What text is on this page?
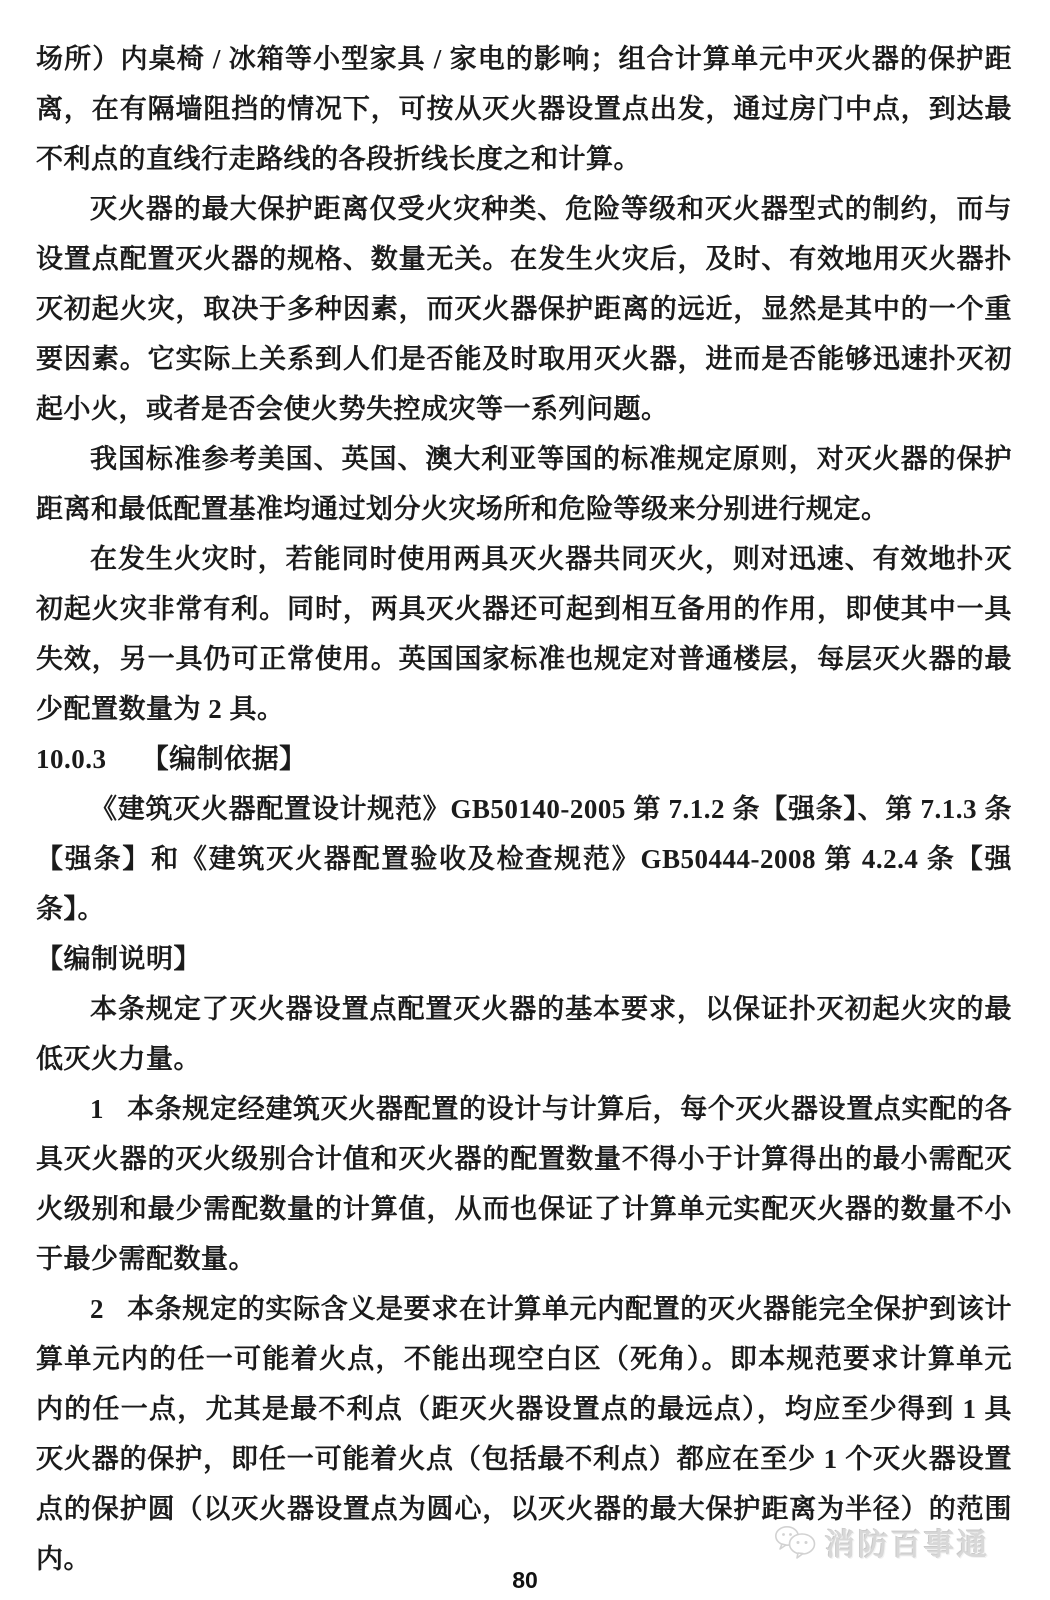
场所）内桌椅 / 冰箱等小型家具 / 家电的影响；组合计算单元中灭火器的保护距离，在有隔墙阻挡的情况下，可按从灭火器设置点出发，通过房门中点，到达最不利点的直线行走路线的各段折线长度之和计算。

灭火器的最大保护距离仅受火灾种类、危险等级和灭火器型式的制约，而与设置点配置灭火器的规格、数量无关。在发生火灾后，及时、有效地用灭火器扑灭初起火灾，取决于多种因素，而灭火器保护距离的远近，显然是其中的一个重要因素。它实际上关系到人们是否能及时取用灭火器，进而是否能够迅速扑灭初起小火，或者是否会使火势失控成灾等一系列问题。

我国标准参考美国、英国、澳大利亚等国的标准规定原则，对灭火器的保护距离和最低配置基准均通过划分火灾场所和危险等级来分别进行规定。

在发生火灾时，若能同时使用两具灭火器共同灭火，则对迅速、有效地扑灭初起火灾非常有利。同时，两具灭火器还可起到相互备用的作用，即使其中一具失效，另一具仍可正常使用。英国国家标准也规定对普通楼层，每层灭火器的最少配置数量为 2 具。

10.0.3 【编制依据】

《建筑灭火器配置设计规范》GB50140-2005 第 7.1.2 条【强条】、第 7.1.3 条【强条】和《建筑灭火器配置验收及检查规范》GB50444-2008 第 4.2.4 条【强条】。

【编制说明】

本条规定了灭火器设置点配置灭火器的基本要求，以保证扑灭初起火灾的最低灭火力量。

1 本条规定经建筑灭火器配置的设计与计算后，每个灭火器设置点实配的各具灭火器的灭火级别合计值和灭火器的配置数量不得小于计算得出的最小需配灭火级别和最少需配数量的计算值，从而也保证了计算单元实配灭火器的数量不小于最少需配数量。

2 本条规定的实际含义是要求在计算单元内配置的灭火器能完全保护到该计算单元内的任一可能着火点，不能出现空白区（死角）。即本规范要求计算单元内的任一点，尤其是最不利点（距灭火器设置点的最远点），均应至少得到 1 具灭火器的保护，即任一可能着火点（包括最不利点）都应在至少 1 个灭火器设置点的保护圆（以灭火器设置点为圆心，以灭火器的最大保护距离为半径）的范围内。	消防百事通
80
